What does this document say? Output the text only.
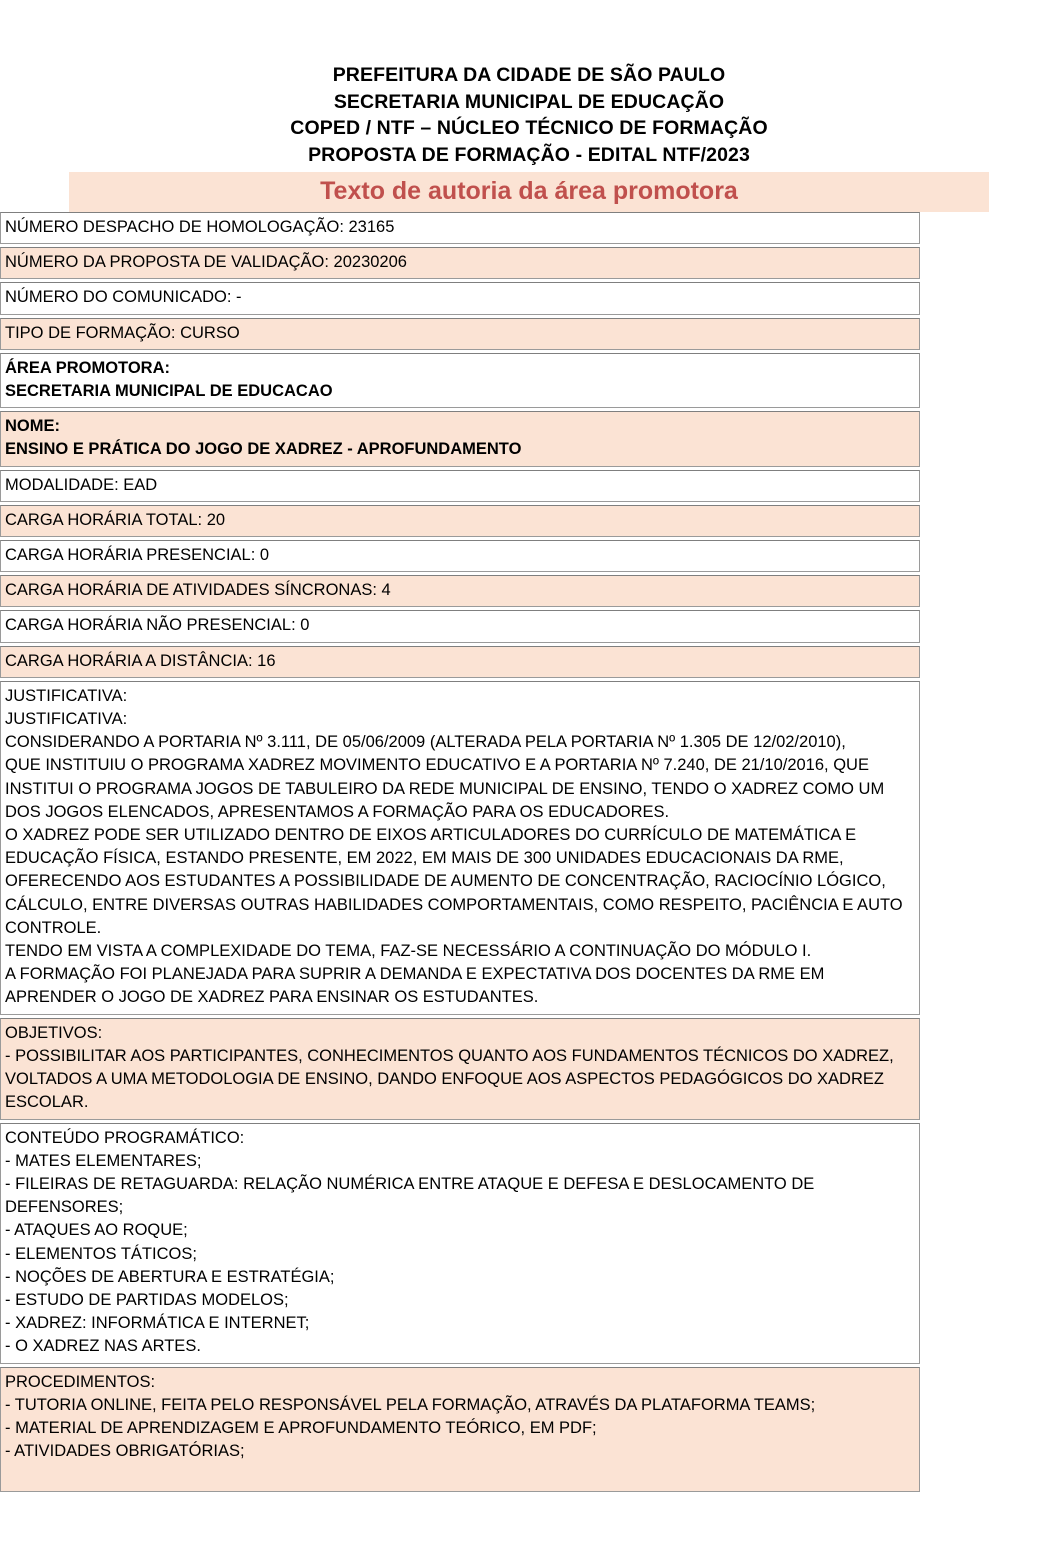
PREFEITURA DA CIDADE DE SÃO PAULO
SECRETARIA MUNICIPAL DE EDUCAÇÃO
COPED / NTF – NÚCLEO TÉCNICO DE FORMAÇÃO
PROPOSTA DE FORMAÇÃO - EDITAL NTF/2023
Texto de autoria da área promotora
NÚMERO DESPACHO DE HOMOLOGAÇÃO: 23165
NÚMERO DA PROPOSTA DE VALIDAÇÃO: 20230206
NÚMERO DO COMUNICADO: -
TIPO DE FORMAÇÃO: CURSO
ÁREA PROMOTORA:
SECRETARIA MUNICIPAL DE EDUCACAO
NOME:
ENSINO E PRÁTICA DO JOGO DE XADREZ - APROFUNDAMENTO
MODALIDADE: EAD
CARGA HORÁRIA TOTAL: 20
CARGA HORÁRIA PRESENCIAL: 0
CARGA HORÁRIA DE ATIVIDADES SÍNCRONAS: 4
CARGA HORÁRIA NÃO PRESENCIAL: 0
CARGA HORÁRIA A DISTÂNCIA: 16
JUSTIFICATIVA:
JUSTIFICATIVA:
CONSIDERANDO A PORTARIA Nº 3.111, DE 05/06/2009 (ALTERADA PELA PORTARIA Nº 1.305 DE 12/02/2010),
QUE INSTITUIU O PROGRAMA XADREZ MOVIMENTO EDUCATIVO E A PORTARIA Nº 7.240, DE 21/10/2016, QUE
INSTITUI O PROGRAMA JOGOS DE TABULEIRO DA REDE MUNICIPAL DE ENSINO, TENDO O XADREZ COMO UM
DOS JOGOS ELENCADOS, APRESENTAMOS A FORMAÇÃO PARA OS EDUCADORES.
O XADREZ PODE SER UTILIZADO DENTRO DE EIXOS ARTICULADORES DO CURRÍCULO DE MATEMÁTICA E
EDUCAÇÃO FÍSICA, ESTANDO PRESENTE, EM 2022, EM MAIS DE 300 UNIDADES EDUCACIONAIS DA RME,
OFERECENDO AOS ESTUDANTES A POSSIBILIDADE DE AUMENTO DE CONCENTRAÇÃO, RACIOCÍNIO LÓGICO,
CÁLCULO, ENTRE DIVERSAS OUTRAS HABILIDADES COMPORTAMENTAIS, COMO RESPEITO, PACIÊNCIA E AUTO
CONTROLE.
TENDO EM VISTA A COMPLEXIDADE DO TEMA, FAZ-SE NECESSÁRIO A CONTINUAÇÃO DO MÓDULO I.
A FORMAÇÃO FOI PLANEJADA PARA SUPRIR A DEMANDA E EXPECTATIVA DOS DOCENTES DA RME EM
APRENDER O JOGO DE XADREZ PARA ENSINAR OS ESTUDANTES.
OBJETIVOS:
- POSSIBILITAR AOS PARTICIPANTES, CONHECIMENTOS QUANTO AOS FUNDAMENTOS TÉCNICOS DO XADREZ,
VOLTADOS A UMA METODOLOGIA DE ENSINO, DANDO ENFOQUE AOS ASPECTOS PEDAGÓGICOS DO XADREZ
ESCOLAR.
CONTEÚDO PROGRAMÁTICO:
- MATES ELEMENTARES;
- FILEIRAS DE RETAGUARDA: RELAÇÃO NUMÉRICA ENTRE ATAQUE E DEFESA E DESLOCAMENTO DE DEFENSORES;
- ATAQUES AO ROQUE;
- ELEMENTOS TÁTICOS;
- NOÇÕES DE ABERTURA E ESTRATÉGIA;
- ESTUDO DE PARTIDAS MODELOS;
- XADREZ: INFORMÁTICA E INTERNET;
- O XADREZ NAS ARTES.
PROCEDIMENTOS:
- TUTORIA ONLINE, FEITA PELO RESPONSÁVEL PELA FORMAÇÃO, ATRAVÉS DA PLATAFORMA TEAMS;
- MATERIAL DE APRENDIZAGEM E APROFUNDAMENTO TEÓRICO, EM PDF;
- ATIVIDADES OBRIGATÓRIAS;
